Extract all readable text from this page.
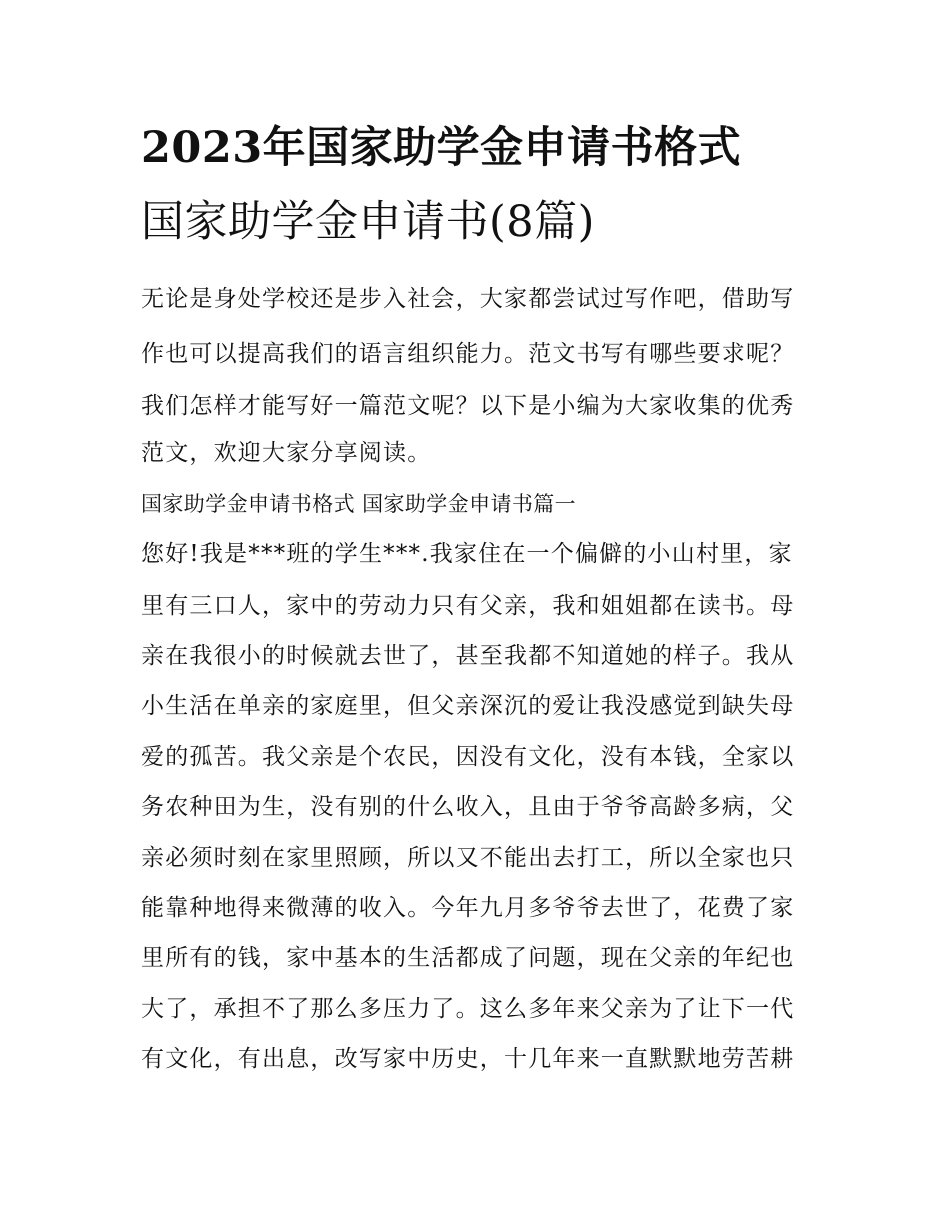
2023年国家助学金申请书格式
国家助学金申请书(8篇)
无论是身处学校还是步入社会，大家都尝试过写作吧，借助写
作也可以提高我们的语言组织能力。范文书写有哪些要求呢？
我们怎样才能写好一篇范文呢？以下是小编为大家收集的优秀
范文，欢迎大家分享阅读。
国家助学金申请书格式 国家助学金申请书篇一
您好!我是***班的学生***.我家住在一个偏僻的小山村里，家
里有三口人，家中的劳动力只有父亲，我和姐姐都在读书。母
亲在我很小的时候就去世了，甚至我都不知道她的样子。我从
小生活在单亲的家庭里，但父亲深沉的爱让我没感觉到缺失母
爱的孤苦。我父亲是个农民，因没有文化，没有本钱，全家以
务农种田为生，没有别的什么收入，且由于爷爷高龄多病，父
亲必须时刻在家里照顾，所以又不能出去打工，所以全家也只
能靠种地得来微薄的收入。今年九月多爷爷去世了，花费了家
里所有的钱，家中基本的生活都成了问题，现在父亲的年纪也
大了，承担不了那么多压力了。这么多年来父亲为了让下一代
有文化，有出息，改写家中历史，十几年来一直默默地劳苦耕
